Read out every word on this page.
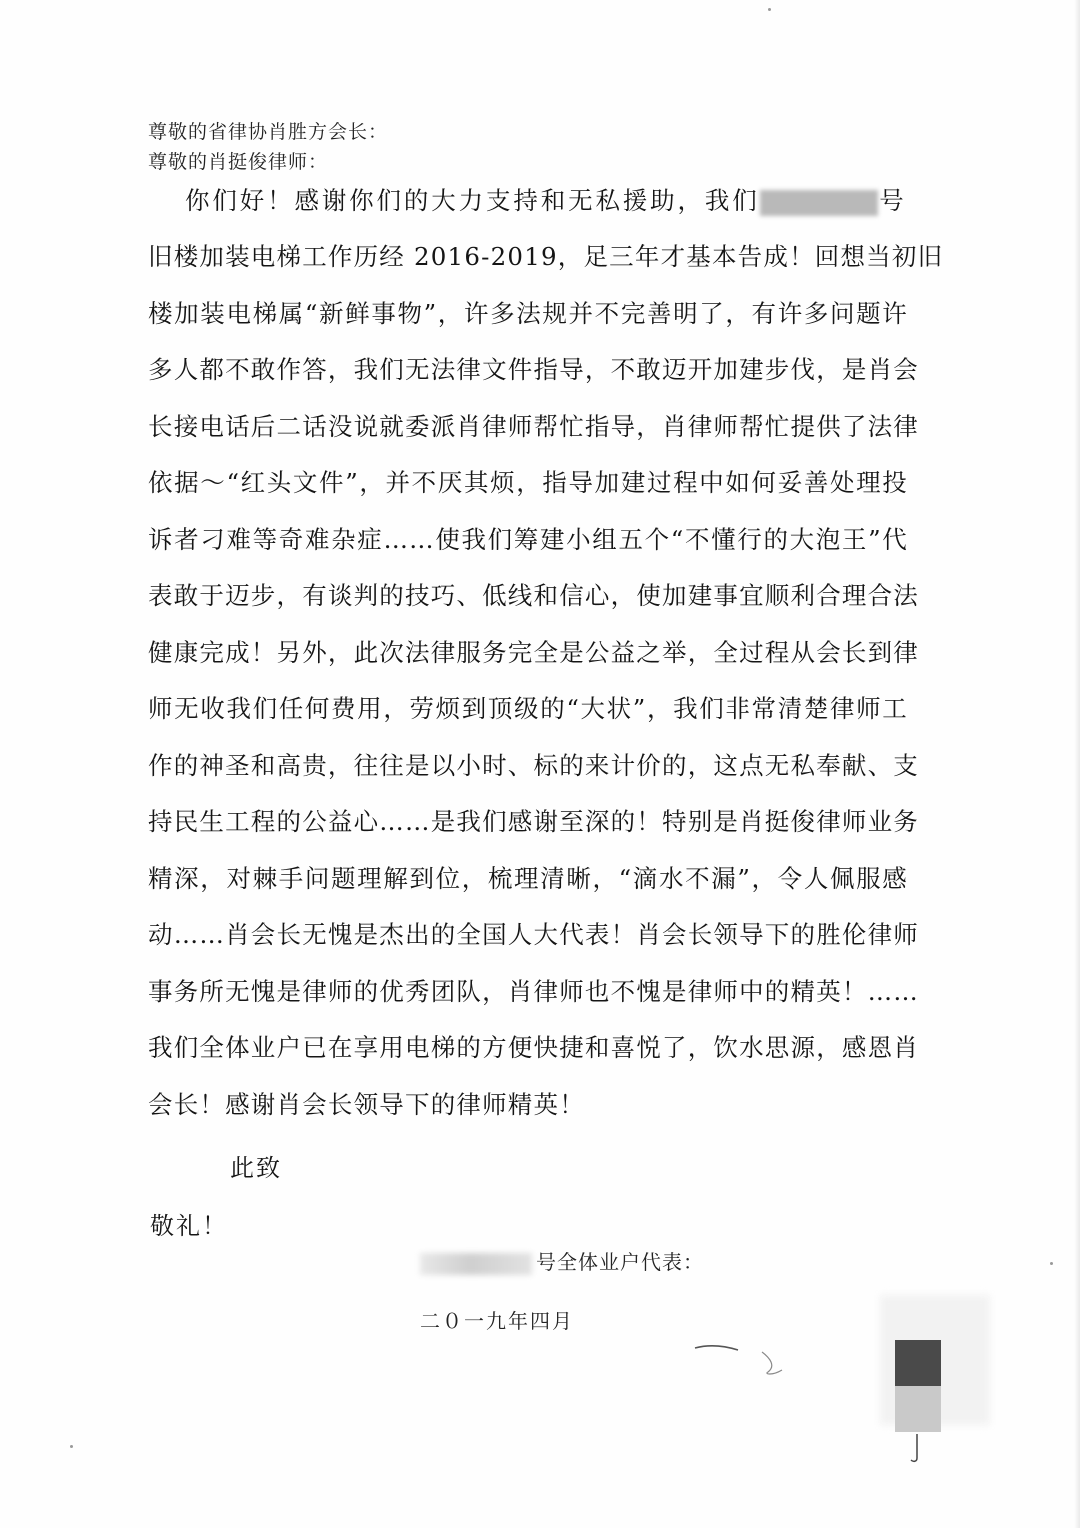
尊敬的省律协肖胜方会长：
尊敬的肖挺俊律师：
你们好！感谢你们的大力支持和无私援助，我们	号
旧楼加装电梯工作历经 2016-2019，足三年才基本告成！回想当初旧
楼加装电梯属“新鲜事物”，许多法规并不完善明了，有许多问题许
多人都不敢作答，我们无法律文件指导，不敢迈开加建步伐，是肖会
长接电话后二话没说就委派肖律师帮忙指导，肖律师帮忙提供了法律
依据～“红头文件”，并不厌其烦，指导加建过程中如何妥善处理投
诉者刁难等奇难杂症……使我们筹建小组五个“不懂行的大泡王”代
表敢于迈步，有谈判的技巧、低线和信心，使加建事宜顺利合理合法
健康完成！另外，此次法律服务完全是公益之举，全过程从会长到律
师无收我们任何费用，劳烦到顶级的“大状”，我们非常清楚律师工
作的神圣和高贵，往往是以小时、标的来计价的，这点无私奉献、支
持民生工程的公益心……是我们感谢至深的！特别是肖挺俊律师业务
精深，对棘手问题理解到位，梳理清晰，“滴水不漏”，令人佩服感
动……肖会长无愧是杰出的全国人大代表！肖会长领导下的胜伦律师
事务所无愧是律师的优秀团队，肖律师也不愧是律师中的精英！……
我们全体业户已在享用电梯的方便快捷和喜悦了，饮水思源，感恩肖
会长！感谢肖会长领导下的律师精英！
此致
敬礼！
号全体业户代表：
二０一九年四月
